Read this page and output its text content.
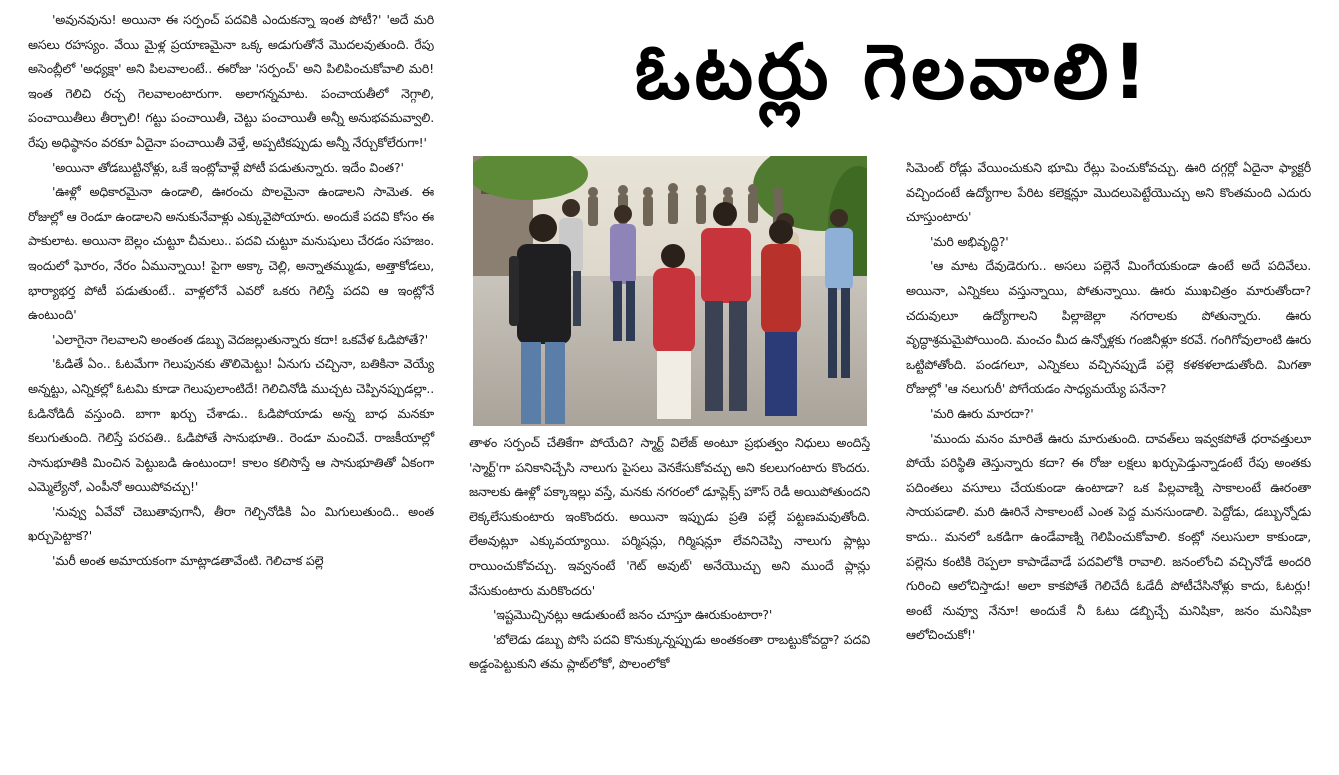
'అవునవును! అయినా ఈ సర్పంచ్ పదవికి ఎందుకన్నా ఇంత పోటీ?' 'అదే మరి అసలు రహస్యం. వేయి మైళ్ల ప్రయాణమైనా ఒక్క అడుగుతోనే మొదలవుతుంది. రేపు అసెంబ్లీలో 'అధ్యక్షా' అని పిలవాలంటే.. ఈరోజు 'సర్పంచ్' అని పిలిపించుకోవాలి మరి! ఇంత గెలిచి రచ్చ గెలవాలంటారుగా. అలాగన్నమాట. పంచాయతీలో నెగ్గాలి, పంచాయితీలు తీర్చాలి! గట్టు పంచాయితీ, చెట్టు పంచాయితీ అన్నీ అనుభవమవ్వాలి. రేపు అధిష్ఠానం వరకూ ఏదైనా పంచాయితీ వెళ్తే, అప్పటికప్పుడు అన్నీ నేర్చుకోలేరుగా!'

'అయినా తోడబుట్టినోళ్లు, ఒకే ఇంట్లోవాళ్లే పోటీ పడుతున్నారు. ఇదేం వింత?'

'ఊళ్లో అధికారమైనా ఉండాలి, ఊరంచు పొలమైనా ఉండాలని సామెత. ఈ రోజుల్లో ఆ రెండూ ఉండాలని అనుకునేవాళ్లు ఎక్కువైపోయారు. అందుకే పదవి కోసం ఈ పాకులాట. అయినా బెల్లం చుట్టూ చీమలు.. పదవి చుట్టూ మనుషులు చేరడం సహజం. ఇందులో ఘోరం, నేరం ఏమున్నాయి! పైగా అక్కా చెల్లి, అన్నాతమ్ముడు, అత్తాకోడలు, భార్యాభర్త పోటీ పడుతుంటే.. వాళ్లలోనే ఎవరో ఒకరు గెలిస్తే పదవి ఆ ఇంట్లోనే ఉంటుంది'

'ఎలాగైనా గెలవాలని అంతంత డబ్బు వెదజల్లుతున్నారు కదా! ఒకవేళ ఓడిపోతే?'

'ఓడితే ఏం.. ఓటమేగా గెలుపునకు తొలిమెట్టు! ఏనుగు చచ్చినా, బతికినా వెయ్యే అన్నట్టు, ఎన్నికల్లో ఓటమి కూడా గెలుపులాంటిదే! గెలిచినోడి ముచ్చట చెప్పినప్పుడల్లా.. ఓడినోడిదీ వస్తుంది. బాగా ఖర్చు చేశాడు.. ఓడిపోయాడు అన్న బాధ మనకూ కలుగుతుంది. గెలిస్తే పరపతి.. ఓడిపోతే సానుభూతి.. రెండూ మంచివే. రాజకీయాల్లో సానుభూతికి మించిన పెట్టుబడి ఉంటుందా! కాలం కలిసొస్తే ఆ సానుభూతితో ఏకంగా ఎమ్మెల్యేనో, ఎంపీనో అయిపోవచ్చు!'

'నువ్వు ఏవేవో చెబుతావుగానీ, తీరా గెల్చినోడికి ఏం మిగులుతుంది.. అంత ఖర్చుపెట్టాక?'

'మరీ అంత అమాయకంగా మాట్లాడతావేంటి. గెలిచాక పల్లె

ఓటర్లు గెలవాలి!

తాళం సర్పంచ్ చేతికేగా పోయేది? స్మార్ట్ విలేజ్ అంటూ ప్రభుత్వం నిధులు అందిస్తే 'స్మార్ట్'గా పనికానిచ్చేసి నాలుగు పైసలు వెనకేసుకోవచ్చు అని కలలుగంటారు కొందరు. జనాలకు ఊళ్లో పక్కాఇల్లు వస్తే, మనకు నగరంలో డూప్లెక్స్ హౌస్ రెడీ అయిపోతుందని లెక్కలేసుకుంటారు ఇంకొందరు. అయినా ఇప్పుడు ప్రతి పల్లే పట్టణమవుతోంది. లేఅవుట్లూ ఎక్కువయ్యాయి. పర్మిషన్లు, గిర్మిషన్లూ లేవనిచెప్పి నాలుగు ప్లాట్లు రాయించుకోవచ్చు. ఇవ్వనంటే 'గెట్ అవుట్' అనేయొచ్చు అని ముందే ప్లాన్లు వేసుకుంటారు మరికొందరు'

'ఇష్టమొచ్చినట్లు ఆడుతుంటే జనం చూస్తూ ఊరుకుంటారా?'

'బోలెడు డబ్బు పోసి పదవి కొనుక్కున్నప్పుడు అంతకంతా రాబట్టుకోవద్దా? పదవి అడ్డంపెట్టుకుని తమ ప్లాట్‌లోకో, పొలంలోకో

సిమెంట్ రోడ్లు వేయించుకుని భూమి రేట్లు పెంచుకోవచ్చు. ఊరి దగ్గర్లో ఏదైనా ఫ్యాక్టరీ వచ్చిందంటే ఉద్యోగాల పేరిట కలెక్షన్లూ మొదలుపెట్టేయొచ్చు అని కొంతమంది ఎదురు చూస్తుంటారు'

'మరి అభివృద్ధి?'

'ఆ మాట దేవుడెరుగు.. అసలు పల్లెనే మింగేయకుండా ఉంటే అదే పదివేలు. అయినా, ఎన్నికలు వస్తున్నాయి, పోతున్నాయి. ఊరు ముఖచిత్రం మారుతోందా? చదువులూ ఉద్యోగాలని పిల్లాజెల్లా నగరాలకు పోతున్నారు. ఊరు వృద్ధాశ్రమమైపోయింది. మంచం మీద ఉన్నోళ్లకు గంజినీళ్లూ కరవే. గంగిగోవులాంటి ఊరు ఒట్టిపోతోంది. పండగలూ, ఎన్నికలు వచ్చినప్పుడే పల్లె కళకళలాడుతోంది. మిగతా రోజుల్లో 'ఆ నలుగురీ' పోగేయడం సాధ్యమయ్యే పనేనా?

'మరి ఊరు మారదా?'

'ముందు మనం మారితే ఊరు మారుతుంది. దావత్‌లు ఇవ్వకపోతే ధరావత్తులూ పోయే పరిస్థితి తెస్తున్నారు కదా? ఈ రోజు లక్షలు ఖర్చుపెడ్తున్నాడంటే రేపు అంతకు పదింతలు వసూలు చేయకుండా ఉంటాడా? ఒక పిల్లవాణ్ని సాకాలంటే ఊరంతా సాయపడాలి. మరి ఊరినే సాకాలంటే ఎంత పెద్ద మనసుండాలి. పెద్దోడు, డబ్బున్నోడు కాదు.. మనలో ఒకడిగా ఉండేవాణ్ని గెలిపించుకోవాలి. కంట్లో నలుసులా కాకుండా, పల్లెను కంటికి రెప్పలా కాపాడేవాడే పదవిలోకి రావాలి. జనంలోంచి వచ్చినోడే అందరి గురించి ఆలోచిస్తాడు! అలా కాకపోతే గెలిచేదీ ఓడేదీ పోటీచేసినోళ్లు కాదు, ఓటర్లు! అంటే నువ్వూ నేనూ! అందుకే నీ ఓటు డబ్బిచ్చే మనిషికా, జనం మనిషికా ఆలోచించుకో!'
